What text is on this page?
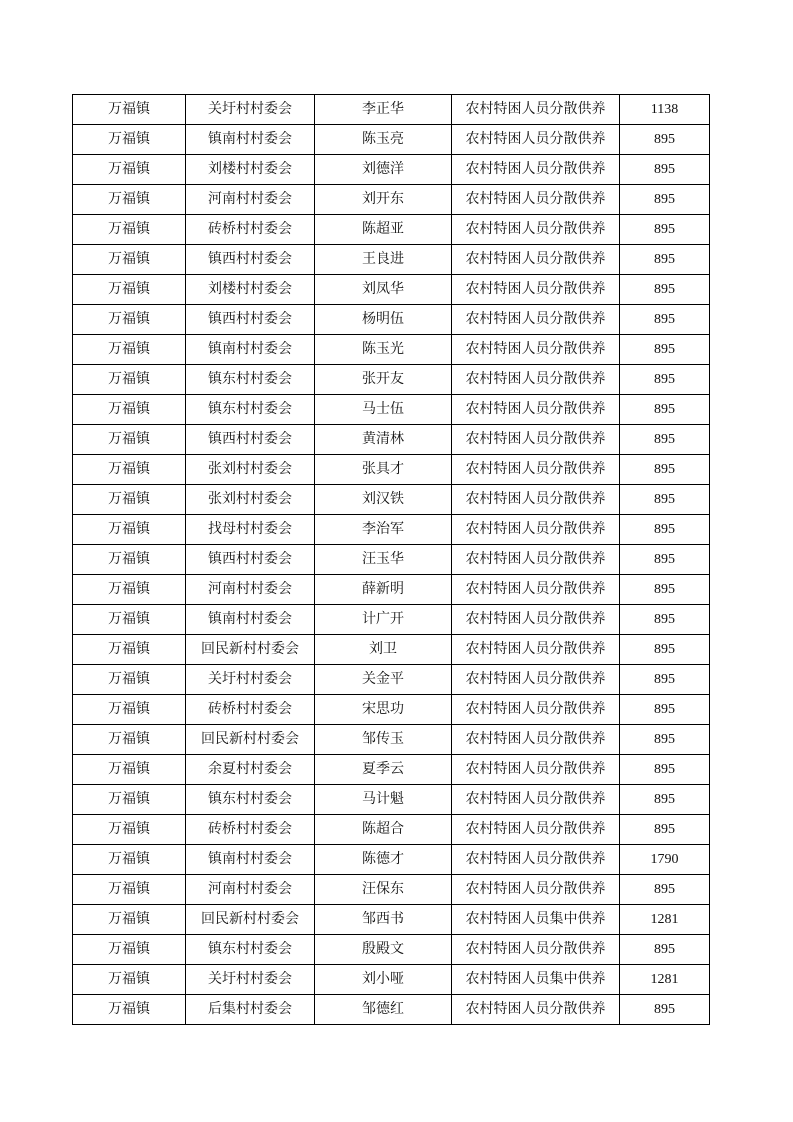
万福镇	关圩村村委会	李正华	农村特困人员分散供养	1138
万福镇	镇南村村委会	陈玉亮	农村特困人员分散供养	895
万福镇	刘楼村村委会	刘德洋	农村特困人员分散供养	895
万福镇	河南村村委会	刘开东	农村特困人员分散供养	895
万福镇	砖桥村村委会	陈超亚	农村特困人员分散供养	895
万福镇	镇西村村委会	王良进	农村特困人员分散供养	895
万福镇	刘楼村村委会	刘凤华	农村特困人员分散供养	895
万福镇	镇西村村委会	杨明伍	农村特困人员分散供养	895
万福镇	镇南村村委会	陈玉光	农村特困人员分散供养	895
万福镇	镇东村村委会	张开友	农村特困人员分散供养	895
万福镇	镇东村村委会	马士伍	农村特困人员分散供养	895
万福镇	镇西村村委会	黄清林	农村特困人员分散供养	895
万福镇	张刘村村委会	张具才	农村特困人员分散供养	895
万福镇	张刘村村委会	刘汉铁	农村特困人员分散供养	895
万福镇	找母村村委会	李治军	农村特困人员分散供养	895
万福镇	镇西村村委会	汪玉华	农村特困人员分散供养	895
万福镇	河南村村委会	薛新明	农村特困人员分散供养	895
万福镇	镇南村村委会	计广开	农村特困人员分散供养	895
万福镇	回民新村村委会	刘卫	农村特困人员分散供养	895
万福镇	关圩村村委会	关金平	农村特困人员分散供养	895
万福镇	砖桥村村委会	宋思功	农村特困人员分散供养	895
万福镇	回民新村村委会	邹传玉	农村特困人员分散供养	895
万福镇	余夏村村委会	夏季云	农村特困人员分散供养	895
万福镇	镇东村村委会	马计魁	农村特困人员分散供养	895
万福镇	砖桥村村委会	陈超合	农村特困人员分散供养	895
万福镇	镇南村村委会	陈德才	农村特困人员分散供养	1790
万福镇	河南村村委会	汪保东	农村特困人员分散供养	895
万福镇	回民新村村委会	邹西书	农村特困人员集中供养	1281
万福镇	镇东村村委会	殷殿文	农村特困人员分散供养	895
万福镇	关圩村村委会	刘小哑	农村特困人员集中供养	1281
万福镇	后集村村委会	邹德红	农村特困人员分散供养	895
